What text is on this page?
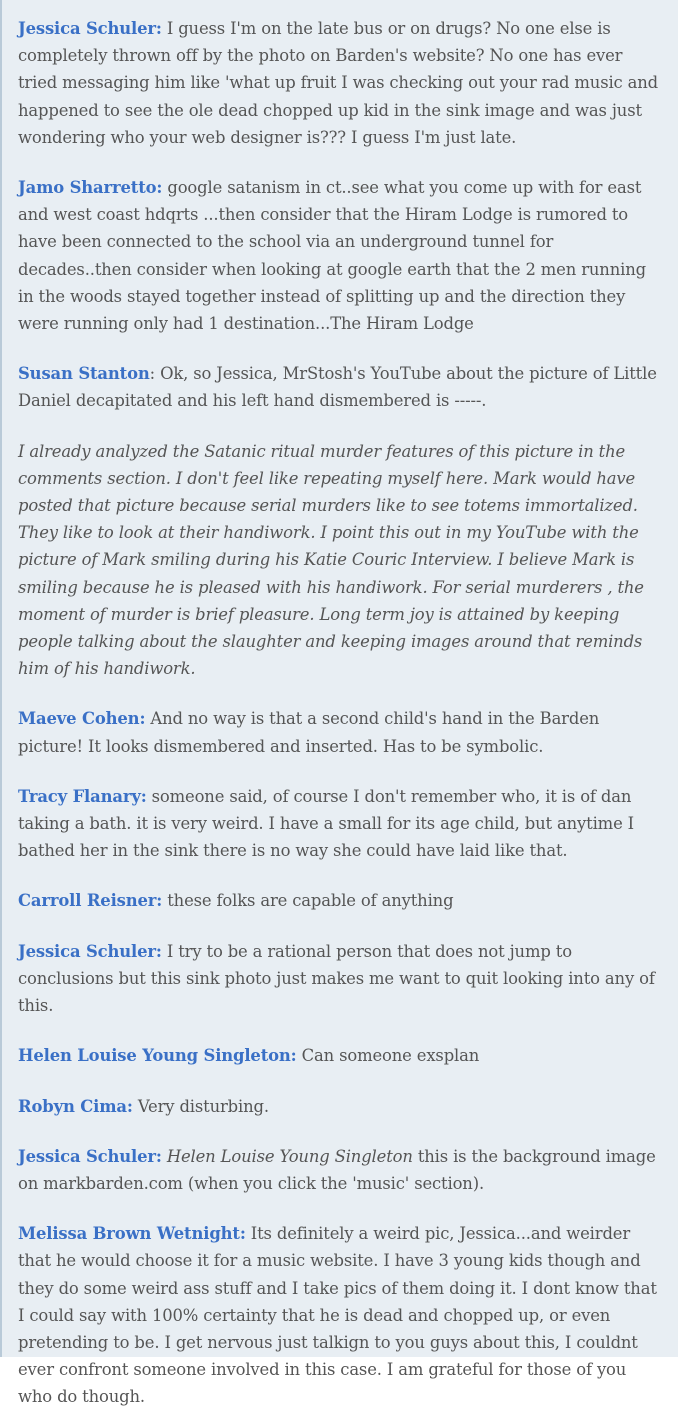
Jessica Schuler: I guess I'm on the late bus or on drugs? No one else is completely thrown off by the photo on Barden's website? No one has ever tried messaging him like 'what up fruit I was checking out your rad music and happened to see the ole dead chopped up kid in the sink image and was just wondering who your web designer is??? I guess I'm just late.

Jamo Sharretto: google satanism in ct..see what you come up with for east and west coast hdqrts ...then consider that the Hiram Lodge is rumored to have been connected to the school via an underground tunnel for decades..then consider when looking at google earth that the 2 men running in the woods stayed together instead of splitting up and the direction they were running only had 1 destination...The Hiram Lodge

Susan Stanton: Ok, so Jessica, MrStosh's YouTube about the picture of Little Daniel decapitated and his left hand dismembered is -----.

I already analyzed the Satanic ritual murder features of this picture in the comments section. I don't feel like repeating myself here. Mark would have posted that picture because serial murders like to see totems immortalized. They like to look at their handiwork. I point this out in my YouTube with the picture of Mark smiling during his Katie Couric Interview. I believe Mark is smiling because he is pleased with his handiwork. For serial murderers , the moment of murder is brief pleasure. Long term joy is attained by keeping people talking about the slaughter and keeping images around that reminds him of his handiwork.

Maeve Cohen: And no way is that a second child's hand in the Barden picture! It looks dismembered and inserted. Has to be symbolic.

Tracy Flanary: someone said, of course I don't remember who, it is of dan taking a bath. it is very weird. I have a small for its age child, but anytime I bathed her in the sink there is no way she could have laid like that.

Carroll Reisner: these folks are capable of anything

Jessica Schuler: I try to be a rational person that does not jump to conclusions but this sink photo just makes me want to quit looking into any of this.

Helen Louise Young Singleton: Can someone exsplan

Robyn Cima: Very disturbing.

Jessica Schuler: Helen Louise Young Singleton this is the background image on markbarden.com (when you click the 'music' section).

Melissa Brown Wetnight: Its definitely a weird pic, Jessica...and weirder that he would choose it for a music website. I have 3 young kids though and they do some weird ass stuff and I take pics of them doing it. I dont know that I could say with 100% certainty that he is dead and chopped up, or even pretending to be. I get nervous just talkign to you guys about this, I couldnt ever confront someone involved in this case. I am grateful for those of you who do though.
